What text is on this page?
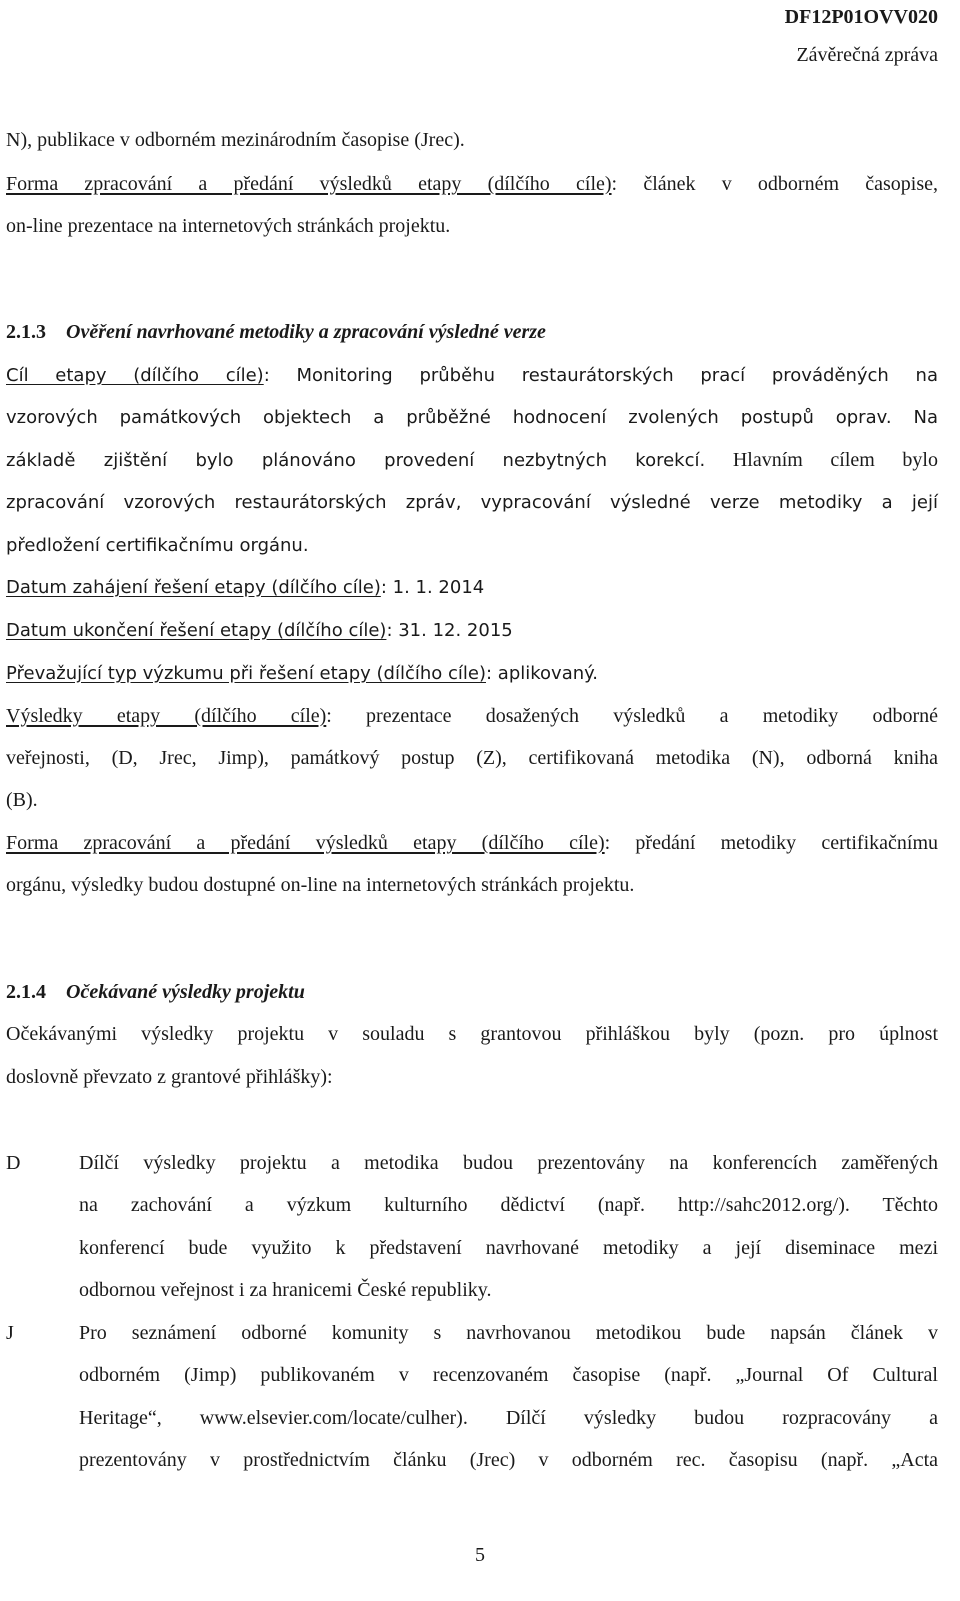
DF12P01OVV020
Závěrečná zpráva
N), publikace v odborném mezinárodním časopise (Jrec).
Forma zpracování a předání výsledků etapy (dílčího cíle): článek v odborném časopise,
on-line prezentace na internetových stránkách projektu.
2.1.3 Ověření navrhované metodiky a zpracování výsledné verze
Cíl etapy (dílčího cíle): Monitoring průběhu restaurátorských prací prováděných na
vzorových památkových objektech a průběžné hodnocení zvolených postupů oprav. Na
základě zjištění bylo plánováno provedení nezbytných korekcí. Hlavním cílem bylo
zpracování vzorových restaurátorských zpráv, vypracování výsledné verze metodiky a její
předložení certifikačnímu orgánu.
Datum zahájení řešení etapy (dílčího cíle): 1. 1. 2014
Datum ukončení řešení etapy (dílčího cíle): 31. 12. 2015
Převažující typ výzkumu při řešení etapy (dílčího cíle): aplikovaný.
Výsledky etapy (dílčího cíle): prezentace dosažených výsledků a metodiky odborné
veřejnosti, (D, Jrec, Jimp), památkový postup (Z), certifikovaná metodika (N), odborná kniha
(B).
Forma zpracování a předání výsledků etapy (dílčího cíle): předání metodiky certifikačnímu
orgánu, výsledky budou dostupné on-line na internetových stránkách projektu.
2.1.4 Očekávané výsledky projektu
Očekávanými výsledky projektu v souladu s grantovou přihláškou byly (pozn. pro úplnost
doslovně převzato z grantové přihlášky):
D	Dílčí výsledky projektu a metodika budou prezentovány na konferencích zaměřených
na zachování a výzkum kulturního dědictví (např. http://sahc2012.org/). Těchto
konferencí bude využito k představení navrhované metodiky a její diseminace mezi
odbornou veřejnost i za hranicemi České republiky.
J	Pro seznámení odborné komunity s navrhovanou metodikou bude napsán článek v
odborném (Jimp) publikovaném v recenzovaném časopise (např. „Journal Of Cultural
Heritage“, www.elsevier.com/locate/culher). Dílčí výsledky budou rozpracovány a
prezentovány v prostřednictvím článku (Jrec) v odborném rec. časopisu (např. „Acta
5
